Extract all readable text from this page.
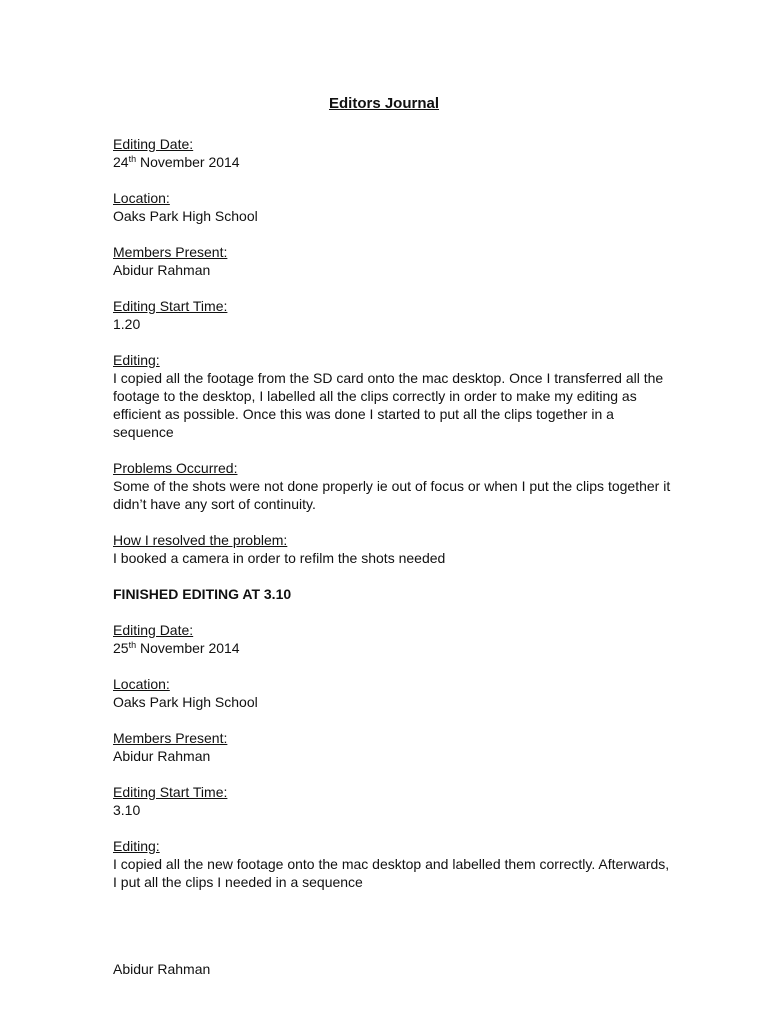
Editors Journal
Editing Date:
24th November 2014
Location:
Oaks Park High School
Members Present:
Abidur Rahman
Editing Start Time:
1.20
Editing:
I copied all the footage from the SD card onto the mac desktop. Once I transferred all the footage to the desktop, I labelled all the clips correctly in order to make my editing as efficient as possible. Once this was done I started to put all the clips together in a sequence
Problems Occurred:
Some of the shots were not done properly ie out of focus or when I put the clips together it didn’t have any sort of continuity.
How I resolved the problem:
I booked a camera in order to refilm the shots needed
FINISHED EDITING AT 3.10
Editing Date:
25th November 2014
Location:
Oaks Park High School
Members Present:
Abidur Rahman
Editing Start Time:
3.10
Editing:
I copied all the new footage onto the mac desktop and labelled them correctly. Afterwards, I put all the clips I needed in a sequence
Abidur Rahman
